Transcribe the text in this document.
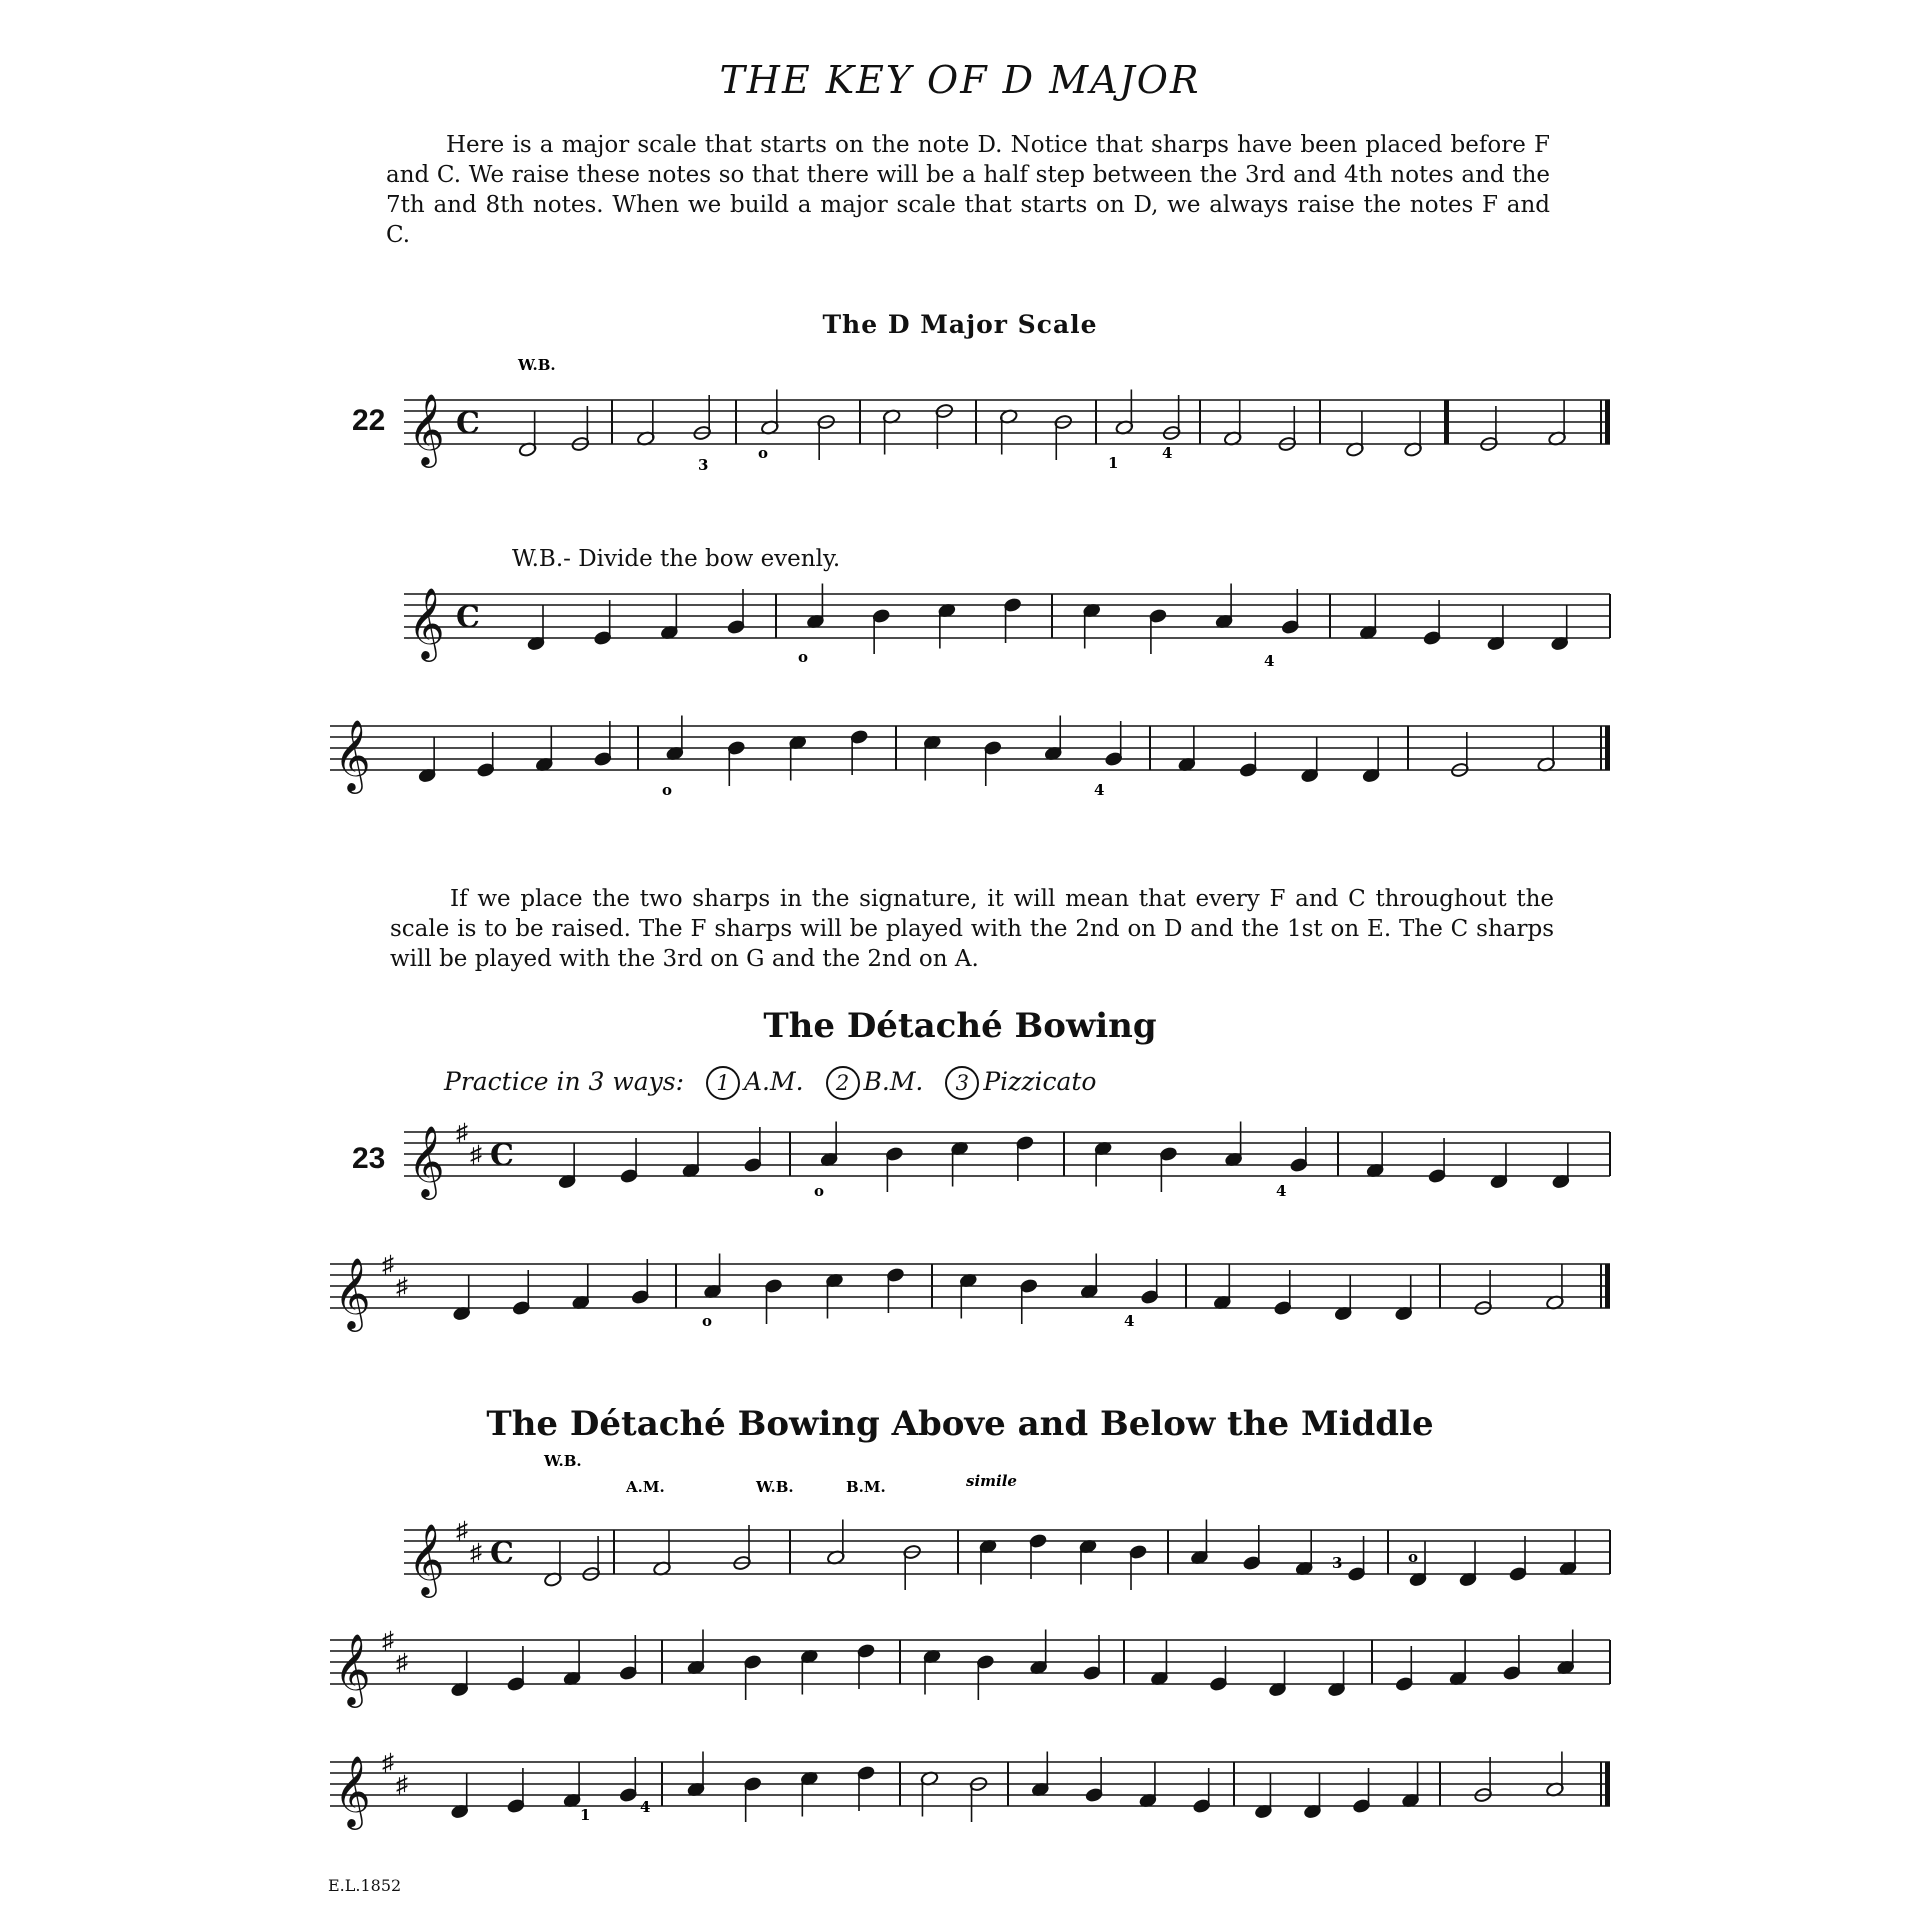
THE KEY OF D MAJOR

Here is a major scale that starts on the note D. Notice that sharps have been placed before F and C. We raise these notes so that there will be a half step between the 3rd and 4th notes and the 7th and 8th notes. When we build a major scale that starts on D, we always raise the notes F and C.

The D Major Scale
22
W.B.- Divide the bow evenly.

If we place the two sharps in the signature, it will mean that every F and C throughout the scale is to be raised. The F sharps will be played with the 2nd on D and the 1st on E. The C sharps will be played with the 3rd on G and the 2nd on A.

The Détaché Bowing
Practice in 3 ways: 1 A.M. 2 B.M. 3 Pizzicato
23
The Détaché Bowing Above and Below the Middle
𝄞 C
𝄞 C
𝄞
𝄞 ♯
♯ C
𝄞 ♯
♯
𝄞 ♯
♯ C
𝄞 ♯
♯
𝄞 ♯
♯
W.B.
3
o
1
4
o	4
o	4
o	4
o	4
W.B.
A.M.	W.B.	B.M.	simile
3	o
1	4
E.L.1852
